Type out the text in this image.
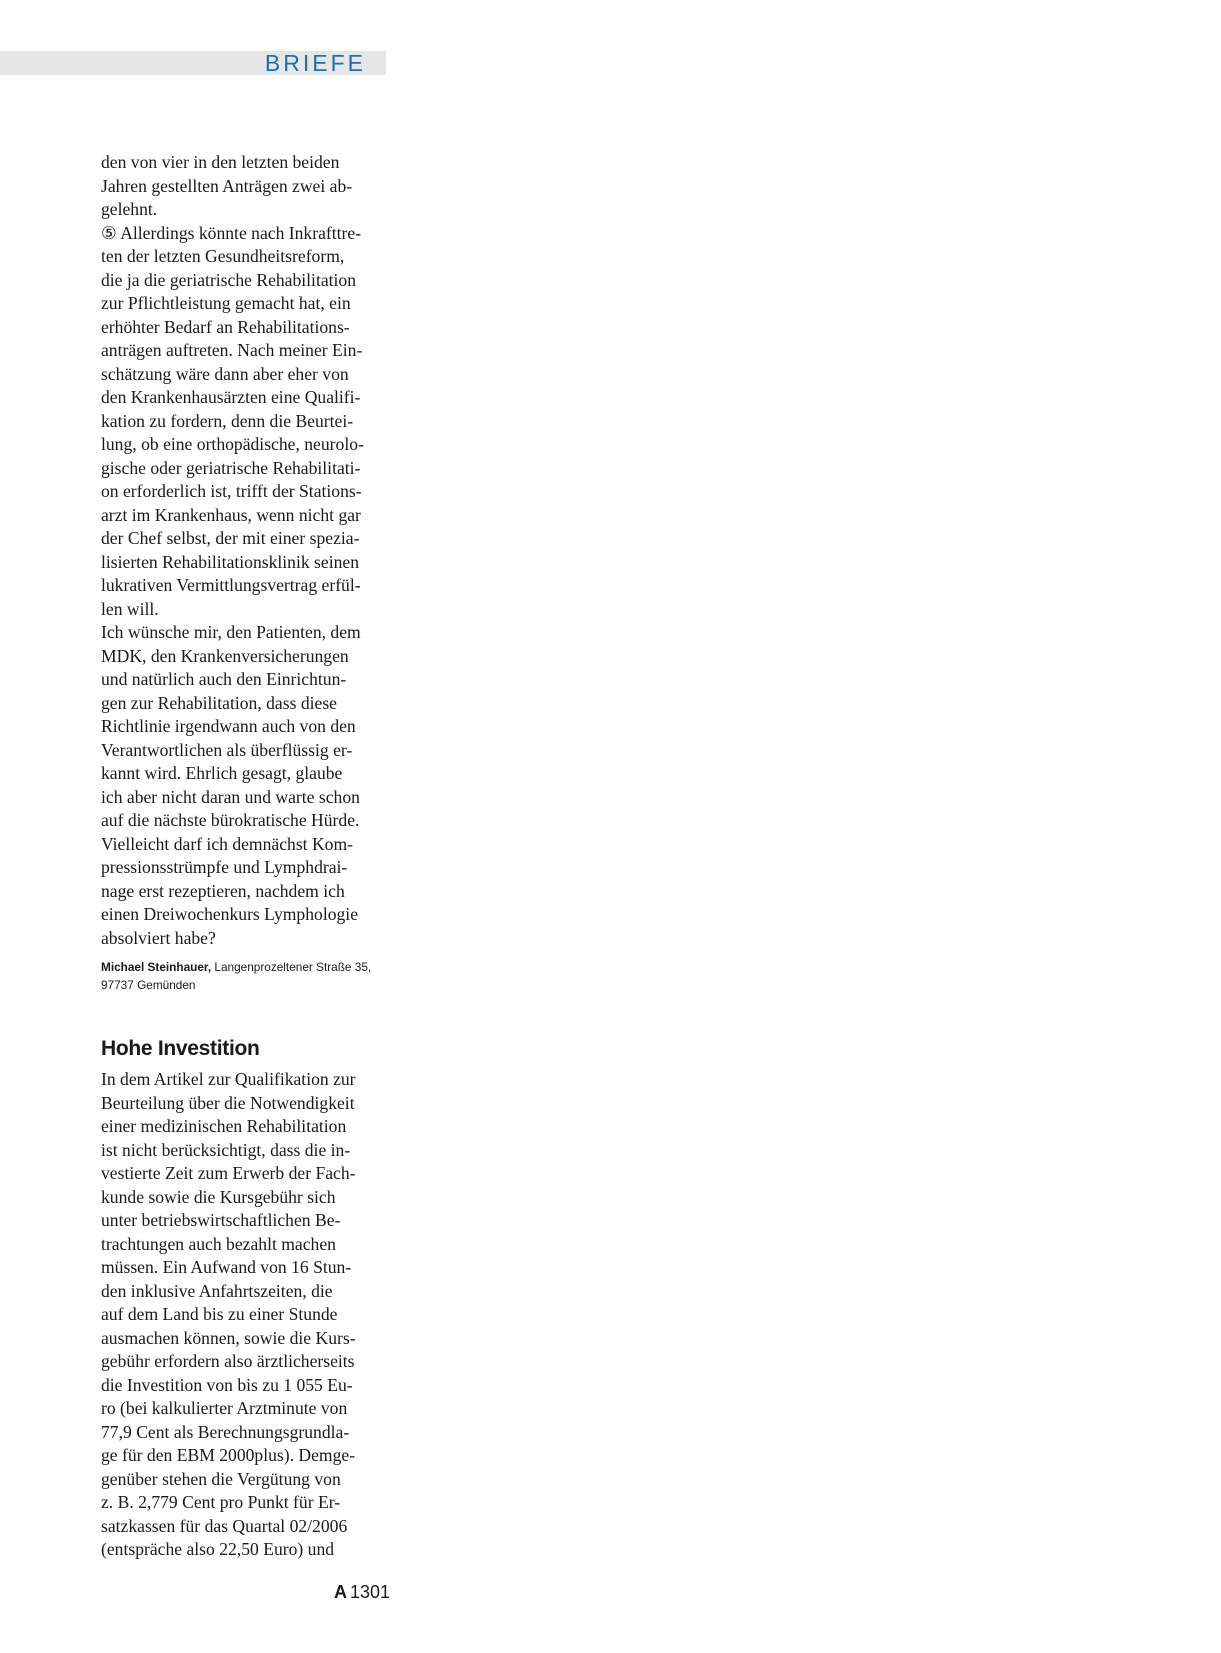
BRIEFE
den von vier in den letzten beiden
Jahren gestellten Anträgen zwei ab-
gelehnt.
⑤ Allerdings könnte nach Inkrafttre-
ten der letzten Gesundheitsreform,
die ja die geriatrische Rehabilitation
zur Pflichtleistung gemacht hat, ein
erhöhter Bedarf an Rehabilitations-
anträgen auftreten. Nach meiner Ein-
schätzung wäre dann aber eher von
den Krankenhausärzten eine Qualifi-
kation zu fordern, denn die Beurtei-
lung, ob eine orthopädische, neurolo-
gische oder geriatrische Rehabilitati-
on erforderlich ist, trifft der Stations-
arzt im Krankenhaus, wenn nicht gar
der Chef selbst, der mit einer spezia-
lisierten Rehabilitationsklinik seinen
lukrativen Vermittlungsvertrag erfül-
len will.
Ich wünsche mir, den Patienten, dem
MDK, den Krankenversicherungen
und natürlich auch den Einrichtun-
gen zur Rehabilitation, dass diese
Richtlinie irgendwann auch von den
Verantwortlichen als überflüssig er-
kannt wird. Ehrlich gesagt, glaube
ich aber nicht daran und warte schon
auf die nächste bürokratische Hürde.
Vielleicht darf ich demnächst Kom-
pressionsstrümpfe und Lymphdrai-
nage erst rezeptieren, nachdem ich
einen Dreiwochenkurs Lymphologie
absolviert habe?
Michael Steinhauer, Langenprozeltener Straße 35,
97737 Gemünden
Hohe Investition
In dem Artikel zur Qualifikation zur
Beurteilung über die Notwendigkeit
einer medizinischen Rehabilitation
ist nicht berücksichtigt, dass die in-
vestierte Zeit zum Erwerb der Fach-
kunde sowie die Kursgebühr sich
unter betriebswirtschaftlichen Be-
trachtungen auch bezahlt machen
müssen. Ein Aufwand von 16 Stun-
den inklusive Anfahrtszeiten, die
auf dem Land bis zu einer Stunde
ausmachen können, sowie die Kurs-
gebühr erfordern also ärztlicherseits
die Investition von bis zu 1 055 Eu-
ro (bei kalkulierter Arztminute von
77,9 Cent als Berechnungsgrundla-
ge für den EBM 2000plus). Demge-
genüber stehen die Vergütung von
z. B. 2,779 Cent pro Punkt für Er-
satzkassen für das Quartal 02/2006
(entspräche also 22,50 Euro) und
A 1301
